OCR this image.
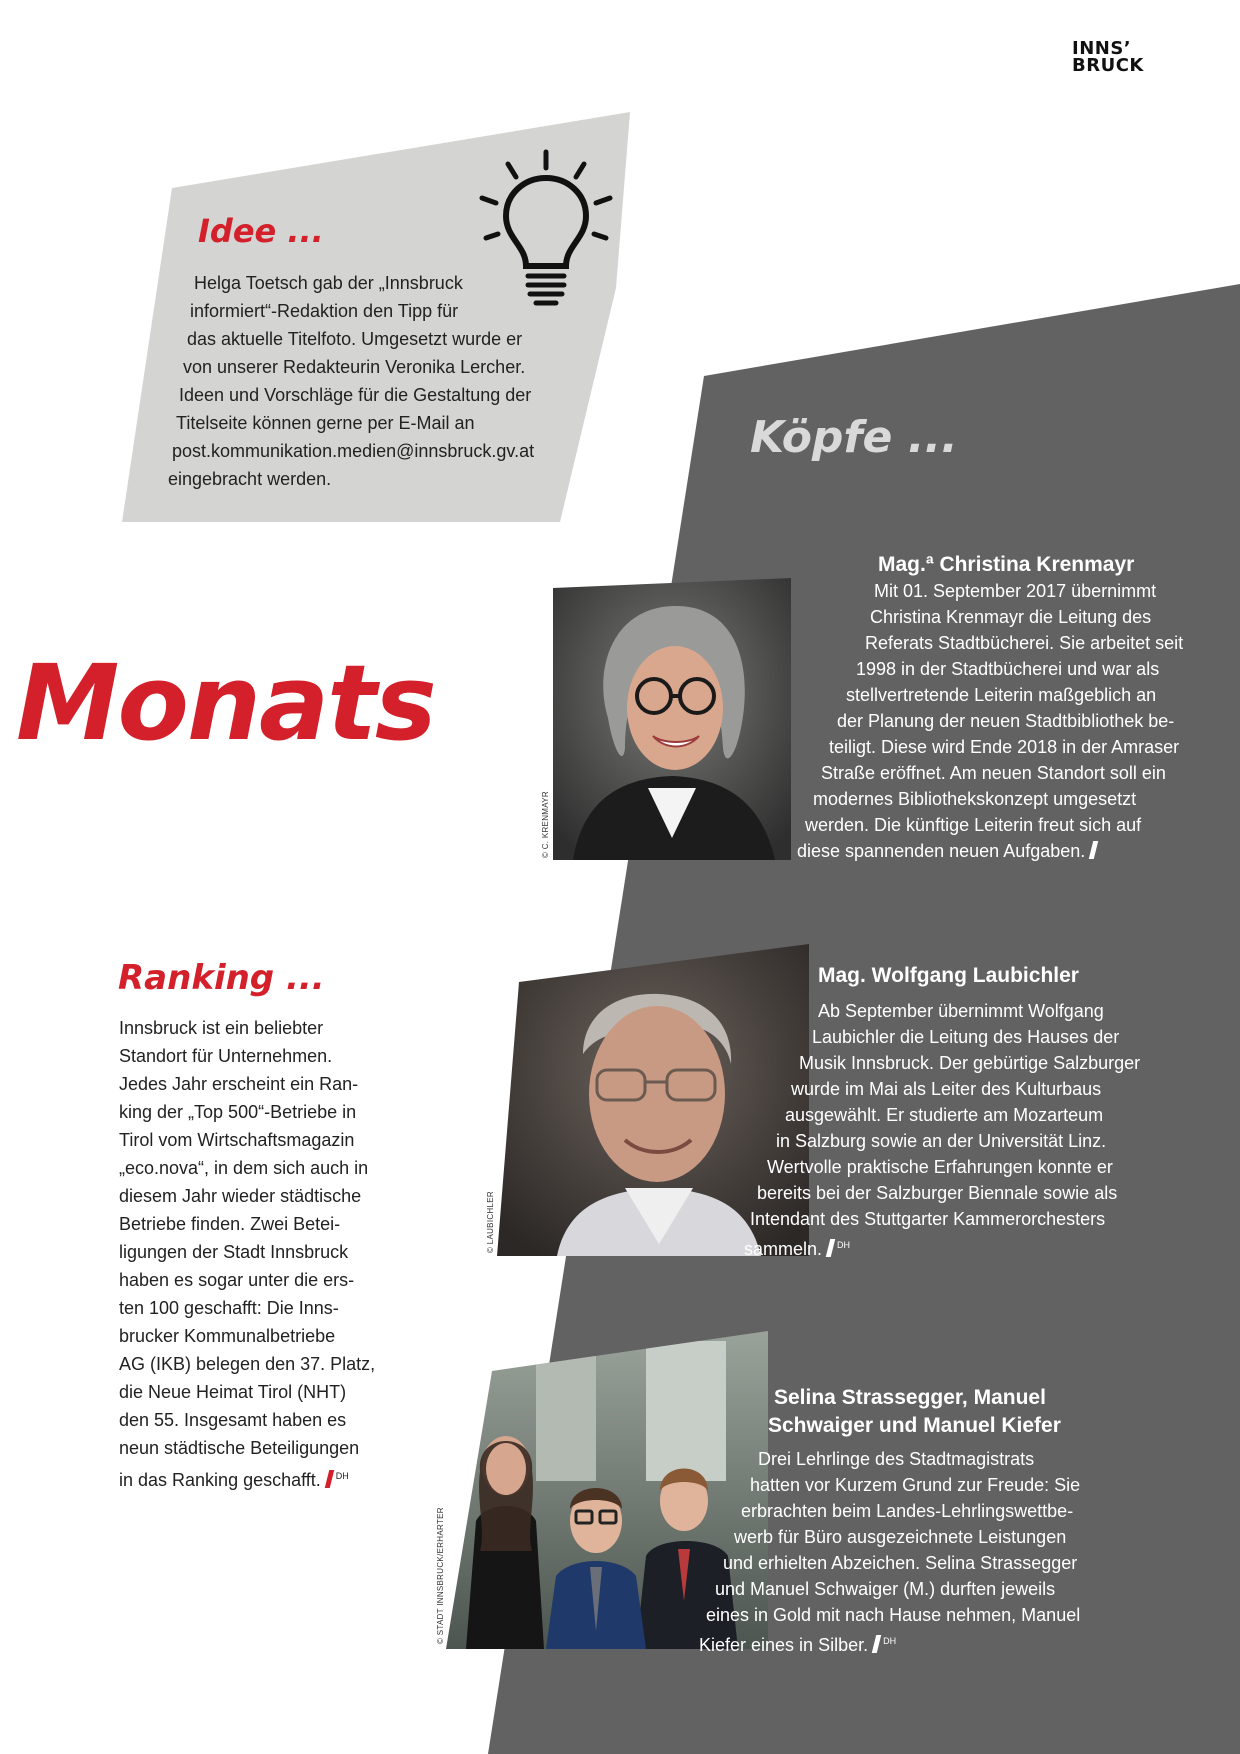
INNS’
BRUCK
Idee ...
Helga Toetsch gab der „Innsbruck
informiert“-Redaktion den Tipp für
das aktuelle Titelfoto. Umgesetzt wurde er
von unserer Redakteurin Veronika Lercher.
Ideen und Vorschläge für die Gestaltung der
Titelseite können gerne per E-Mail an
post.kommunikation.medien@innsbruck.gv.at
eingebracht werden.
Köpfe ...
Monats
Ranking ...
Innsbruck ist ein beliebter
Standort für Unternehmen.
Jedes Jahr erscheint ein Ran-
king der „Top 500“-Betriebe in
Tirol vom Wirtschaftsmagazin
„eco.nova“, in dem sich auch in
diesem Jahr wieder städtische
Betriebe finden. Zwei Betei-
ligungen der Stadt Innsbruck
haben es sogar unter die ers-
ten 100 geschafft: Die Inns-
brucker Kommunalbetriebe
AG (IKB) belegen den 37. Platz,
die Neue Heimat Tirol (NHT)
den 55. Insgesamt haben es
neun städtische Beteiligungen
in das Ranking geschafft. $^{DH}$
© C. KRENMAYR
Mag.ª Christina Krenmayr
Mit 01. September 2017 übernimmt
Christina Krenmayr die Leitung des
Referats Stadtbücherei. Sie arbeitet seit
1998 in der Stadtbücherei und war als
stellvertretende Leiterin maßgeblich an
der Planung der neuen Stadtbibliothek be-
teiligt. Diese wird Ende 2018 in der Amraser
Straße eröffnet. Am neuen Standort soll ein
modernes Bibliothekskonzept umgesetzt
werden. Die künftige Leiterin freut sich auf
diese spannenden neuen Aufgaben.
© LAUBICHLER
Mag. Wolfgang Laubichler
Ab September übernimmt Wolfgang
Laubichler die Leitung des Hauses der
Musik Innsbruck. Der gebürtige Salzburger
wurde im Mai als Leiter des Kulturbaus
ausgewählt. Er studierte am Mozarteum
in Salzburg sowie an der Universität Linz.
Wertvolle praktische Erfahrungen konnte er
bereits bei der Salzburger Biennale sowie als
Intendant des Stuttgarter Kammerorchesters
sammeln. $^{DH}$
© STADT INNSBRUCK/ERHARTER
Selina Strassegger, Manuel
Schwaiger und Manuel Kiefer
Drei Lehrlinge des Stadtmagistrats
hatten vor Kurzem Grund zur Freude: Sie
erbrachten beim Landes-Lehrlingswettbe-
werb für Büro ausgezeichnete Leistungen
und erhielten Abzeichen. Selina Strassegger
und Manuel Schwaiger (M.) durften jeweils
eines in Gold mit nach Hause nehmen, Manuel
Kiefer eines in Silber. $^{DH}$
